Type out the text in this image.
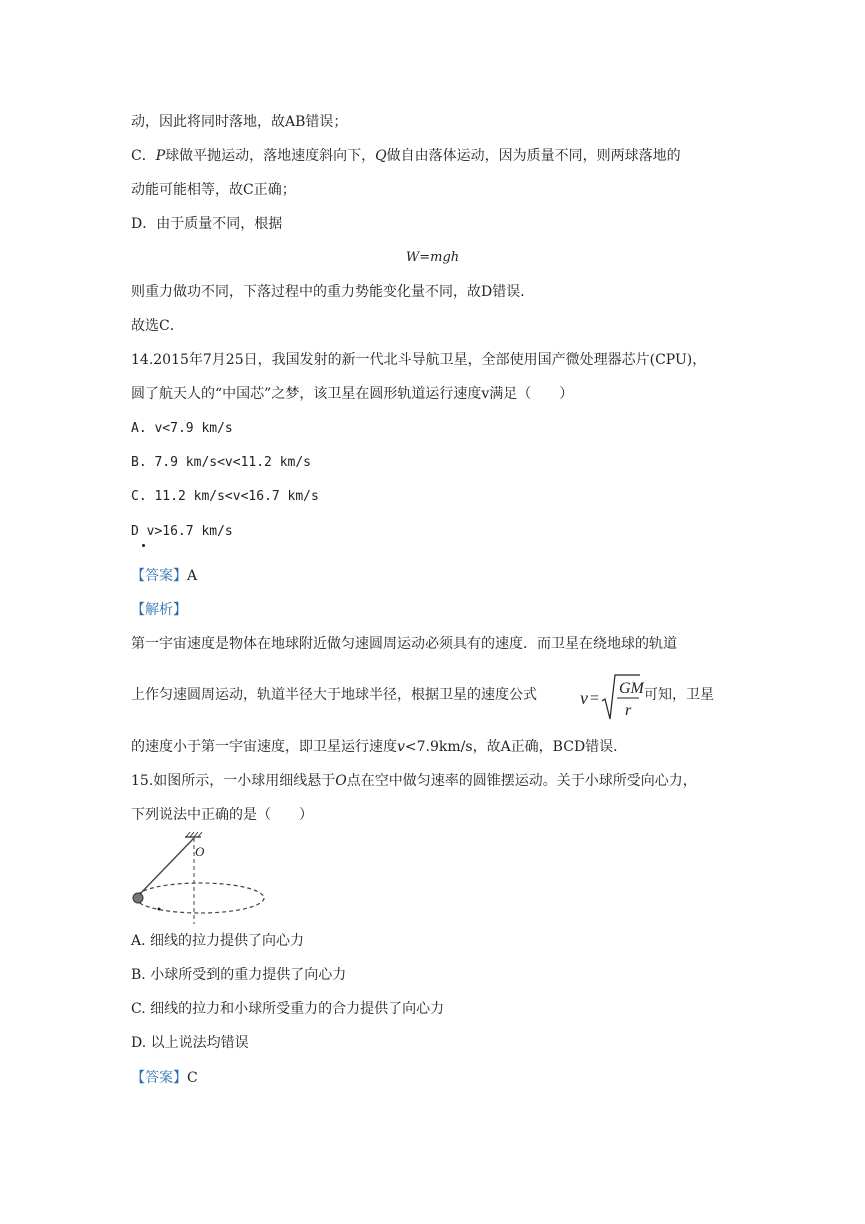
动，因此将同时落地，故AB错误；
C．P球做平抛运动，落地速度斜向下，Q做自由落体运动，因为质量不同，则两球落地的
动能可能相等，故C正确；
D．由于质量不同，根据
W=mgh
则重力做功不同，下落过程中的重力势能变化量不同，故D错误．
故选C．
14.2015年7月25日，我国发射的新一代北斗导航卫星，全部使用国产微处理器芯片(CPU)，
圆了航天人的“中国芯”之梦，该卫星在圆形轨道运行速度v满足（　　）
A. v<7.9 km/s
B. 7.9 km/s<v<11.2 km/s
C. 11.2 km/s<v<16.7 km/s
D v>16.7 km/s
【答案】A
【解析】
第一宇宙速度是物体在地球附近做匀速圆周运动必须具有的速度．而卫星在绕地球的轨道
上作匀速圆周运动，轨道半径大于地球半径，根据卫星的速度公式 v =
GM
r
可知，卫星
的速度小于第一宇宙速度，即卫星运行速度v<7.9km/s，故A正确，BCD错误．
15.如图所示，一小球用细线悬于O点在空中做匀速率的圆锥摆运动。关于小球所受向心力，
下列说法中正确的是（　　）
O
A. 细线的拉力提供了向心力
B. 小球所受到的重力提供了向心力
C. 细线的拉力和小球所受重力的合力提供了向心力
D. 以上说法均错误
【答案】C
